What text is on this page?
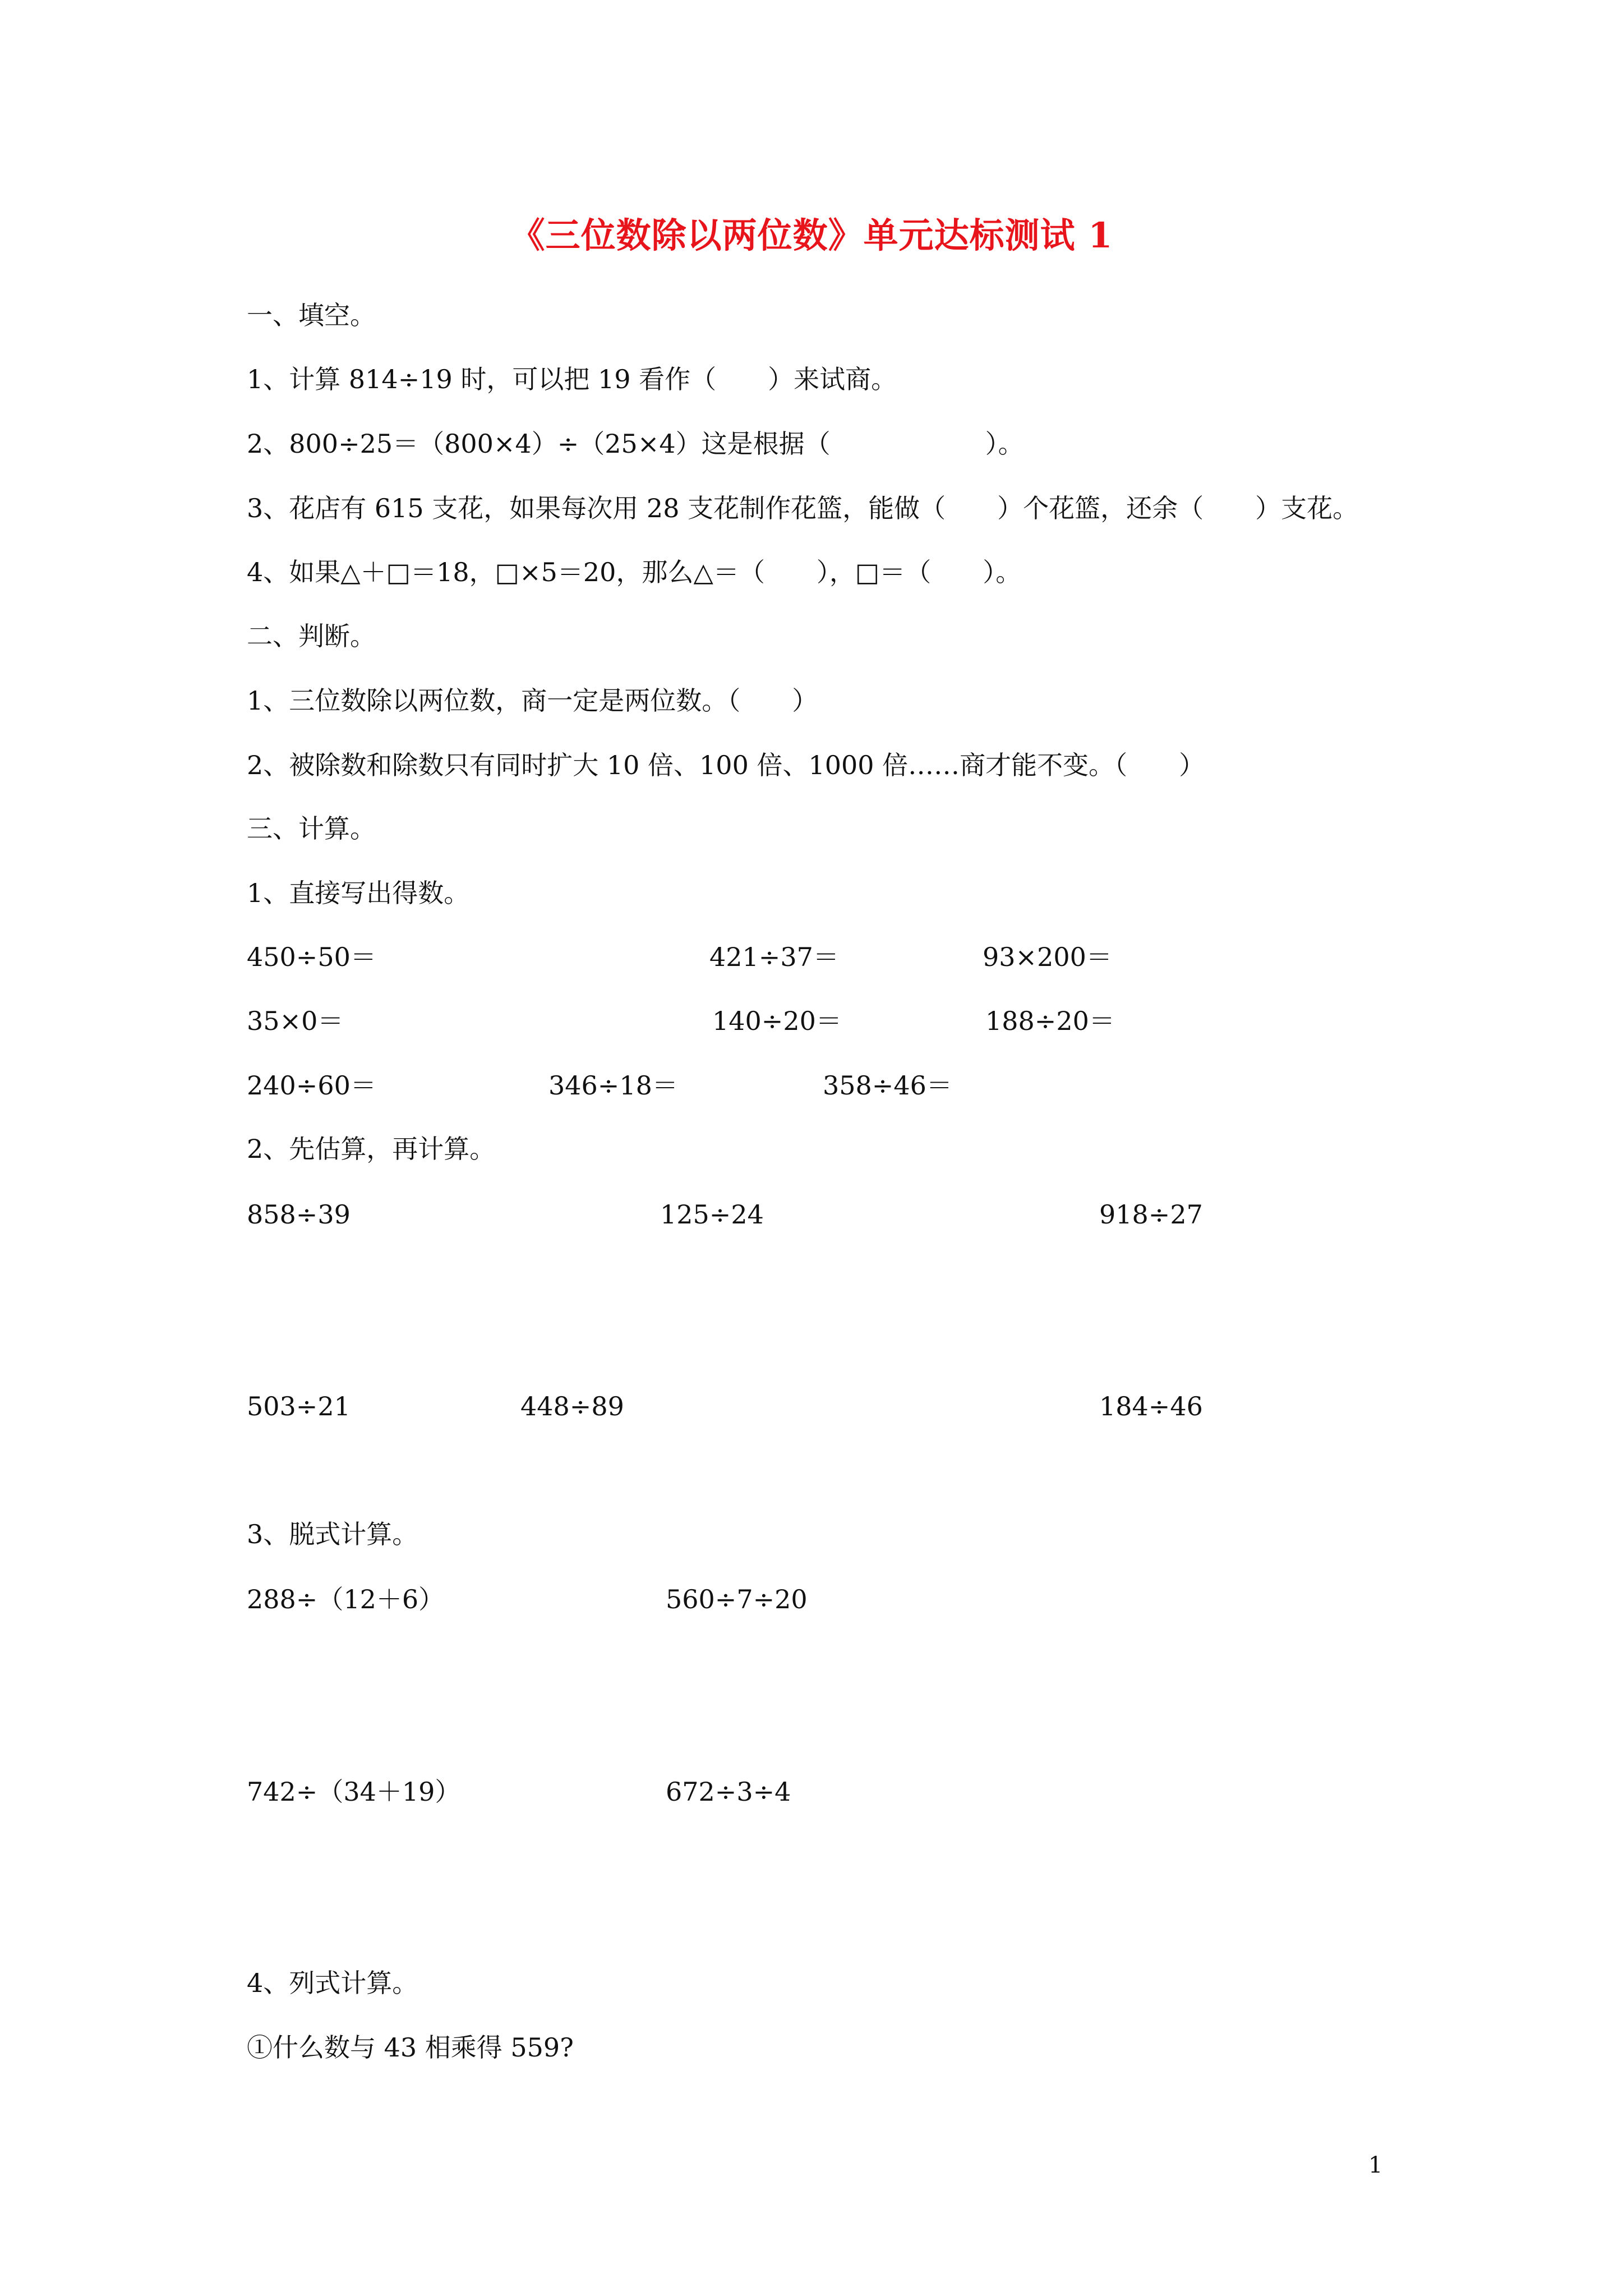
《三位数除以两位数》单元达标测试 1
一、填空。
1、计算 814÷19 时，可以把 19 看作（　　）来试商。
2、800÷25＝（800×4）÷（25×4）这是根据（　　　　　　）。
3、花店有 615 支花，如果每次用 28 支花制作花篮，能做（　　）个花篮，还余（　　）支花。
4、如果△＋□＝18，□×5＝20，那么△＝（　　），□＝（　　）。
二、判断。
1、三位数除以两位数，商一定是两位数。（　　）
2、被除数和除数只有同时扩大 10 倍、100 倍、1000 倍……商才能不变。（　　）
三、计算。
1、直接写出得数。
450÷50＝	421÷37＝	93×200＝
35×0＝	140÷20＝	188÷20＝
240÷60＝	346÷18＝	358÷46＝
2、先估算，再计算。
858÷39	125÷24	918÷27
503÷21	448÷89	184÷46
3、脱式计算。
288÷（12＋6）	560÷7÷20
742÷（34＋19）	672÷3÷4
4、列式计算。
①什么数与 43 相乘得 559?
1
